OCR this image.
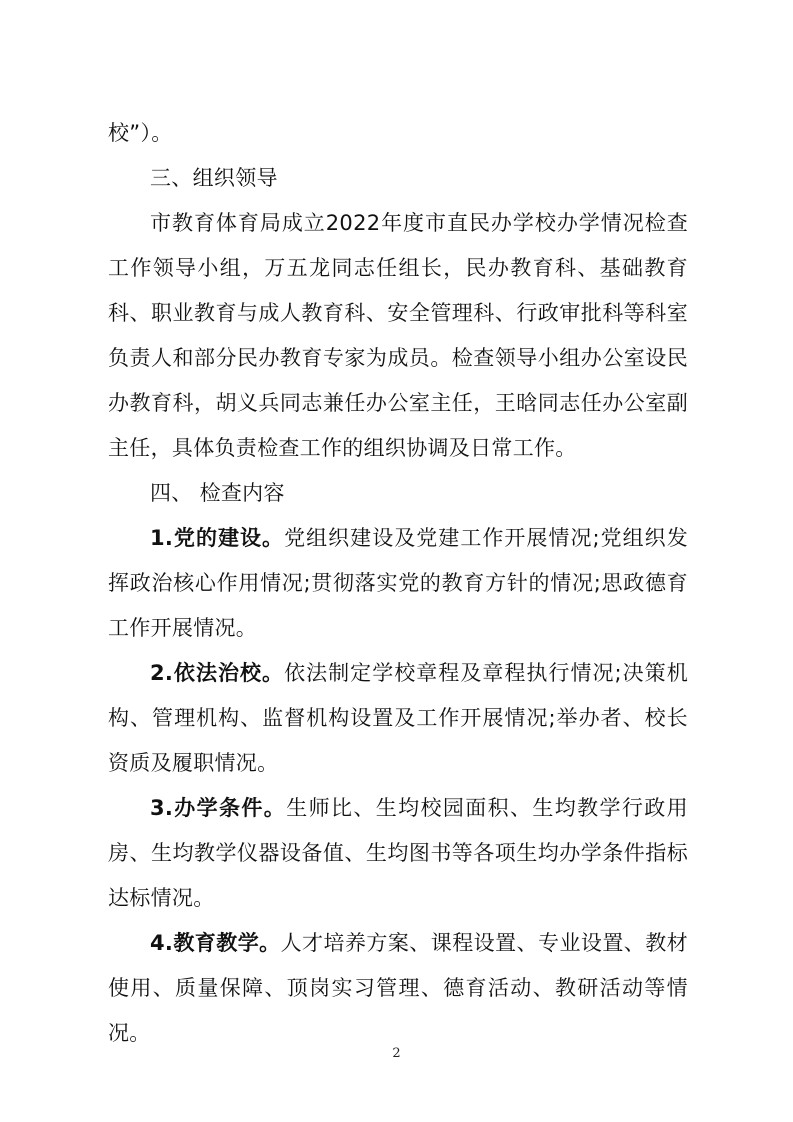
校”）。

三、组织领导

市教育体育局成立2022年度市直民办学校办学情况检查工作领导小组，万五龙同志任组长，民办教育科、基础教育科、职业教育与成人教育科、安全管理科、行政审批科等科室负责人和部分民办教育专家为成员。检查领导小组办公室设民办教育科，胡义兵同志兼任办公室主任，王晗同志任办公室副主任，具体负责检查工作的组织协调及日常工作。

四、 检查内容

1.党的建设。党组织建设及党建工作开展情况;党组织发挥政治核心作用情况;贯彻落实党的教育方针的情况;思政德育工作开展情况。

2.依法治校。依法制定学校章程及章程执行情况;决策机构、管理机构、监督机构设置及工作开展情况;举办者、校长资质及履职情况。

3.办学条件。生师比、生均校园面积、生均教学行政用房、生均教学仪器设备值、生均图书等各项生均办学条件指标达标情况。

4.教育教学。人才培养方案、课程设置、专业设置、教材使用、质量保障、顶岗实习管理、德育活动、教研活动等情况。

2
